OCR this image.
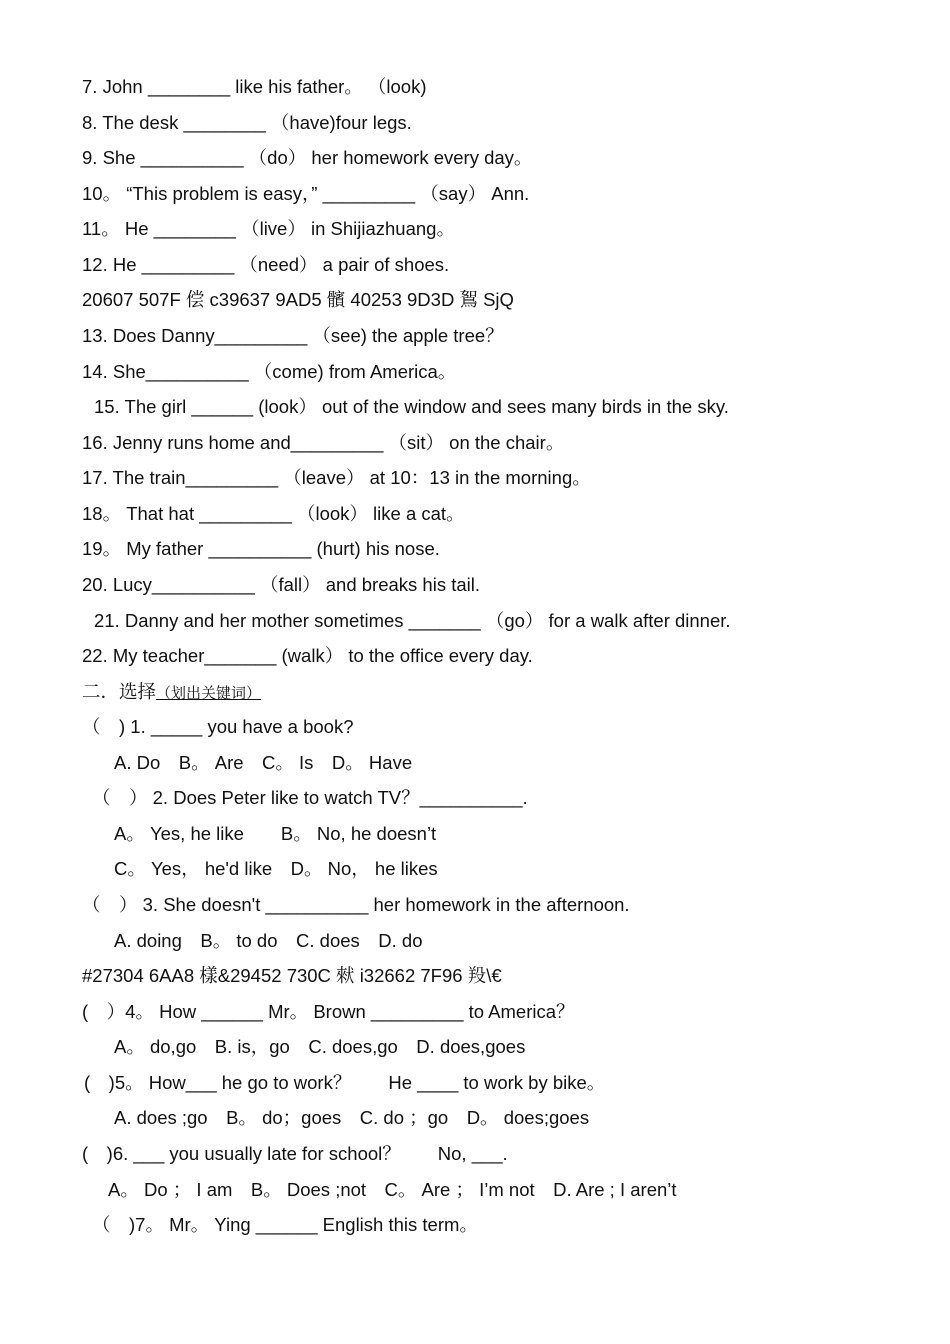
7. John ________ like his father。 （look)
8. The desk ________ （have)four legs.
9. She __________ （do） her homework every day。
10。 “This problem is easy，” _________ （say） Ann.
11。 He ________ （live） in Shijiazhuang。
12. He _________ （need） a pair of shoes.
20607 507F 偿 c39637 9AD5 髕 40253 9D3D 鴽 SjQ
13. Does Danny_________ （see) the apple tree？
14. She__________ （come) from America。
15. The girl ______ (look） out of the window and sees many birds in the sky.
16. Jenny runs home and_________ （sit） on the chair。
17. The train_________ （leave） at 10：13 in the morning。
18。 That hat _________ （look） like a cat。
19。 My father __________ (hurt) his nose.
20. Lucy__________ （fall） and breaks his tail.
21. Danny and her mother sometimes _______ （go） for a walk after dinner.
22. My teacher_______ (walk） to the office every day.
二．选择（划出关键词）
（　) 1. _____ you have a book?
A. Do　B。 Are　C。 Is　D。 Have
（　） 2. Does Peter like to watch TV？__________.
A。 Yes, he like　　B。 No, he doesn’t
C。 Yes， he'd like　D。 No， he likes
（　） 3. She doesn't __________ her homework in the afternoon.
A. doing　B。 to do　C. does　D. do
#27304 6AA8 樣&29452 730C 猌 i32662 7F96 羖\€
(　）4。 How ______ Mr。 Brown _________ to America？
A。 do,go　B. is，go　C. does,go　D. does,goes
(　)5。 How___ he go to work？　　He ____ to work by bike。
A. does ;go　B。 do；goes　C. do ；go　D。 does;goes
(　)6. ___ you usually late for school？　　No, ___.
A。 Do ； I am　B。 Does ;not　C。 Are ； I’m not　D. Are ; I aren’t
（　)7。 Mr。 Ying ______ English this term。
